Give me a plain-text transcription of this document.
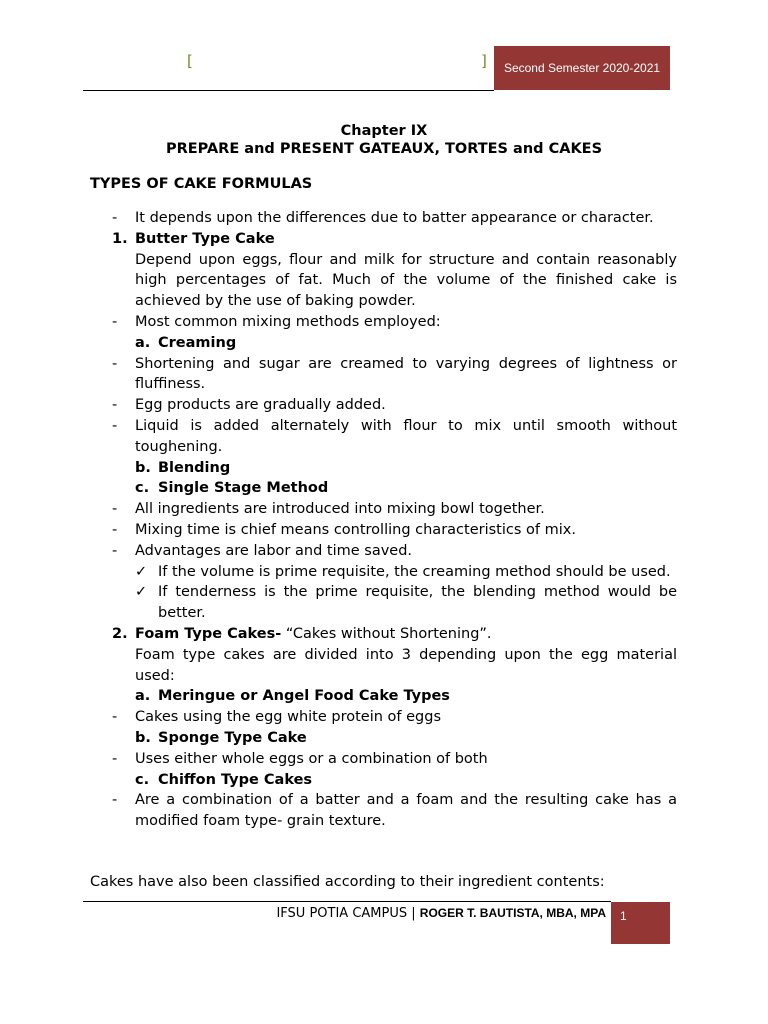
[	]	Second Semester 2020-2021
Chapter IX
PREPARE and PRESENT GATEAUX, TORTES and CAKES
TYPES OF CAKE FORMULAS
-	It depends upon the differences due to batter appearance or character.
1. Butter Type Cake
Depend upon eggs, flour and milk for structure and contain reasonably high percentages of fat. Much of the volume of the finished cake is achieved by the use of baking powder.
-	Most common mixing methods employed:
a. Creaming
-	Shortening and sugar are creamed to varying degrees of lightness or fluffiness.
-	Egg products are gradually added.
-	Liquid is added alternately with flour to mix until smooth without toughening.
b. Blending
c. Single Stage Method
-	All ingredients are introduced into mixing bowl together.
-	Mixing time is chief means controlling characteristics of mix.
-	Advantages are labor and time saved.
✓ If the volume is prime requisite, the creaming method should be used.
✓ If tenderness is the prime requisite, the blending method would be better.
2. Foam Type Cakes- “Cakes without Shortening”.
Foam type cakes are divided into 3 depending upon the egg material used:
a. Meringue or Angel Food Cake Types
-	Cakes using the egg white protein of eggs
b. Sponge Type Cake
-	Uses either whole eggs or a combination of both
c. Chiffon Type Cakes
-	Are a combination of a batter and a foam and the resulting cake has a modified foam type- grain texture.
Cakes have also been classified according to their ingredient contents:
IFSU POTIA CAMPUS | ROGER T. BAUTISTA, MBA, MPA 1
